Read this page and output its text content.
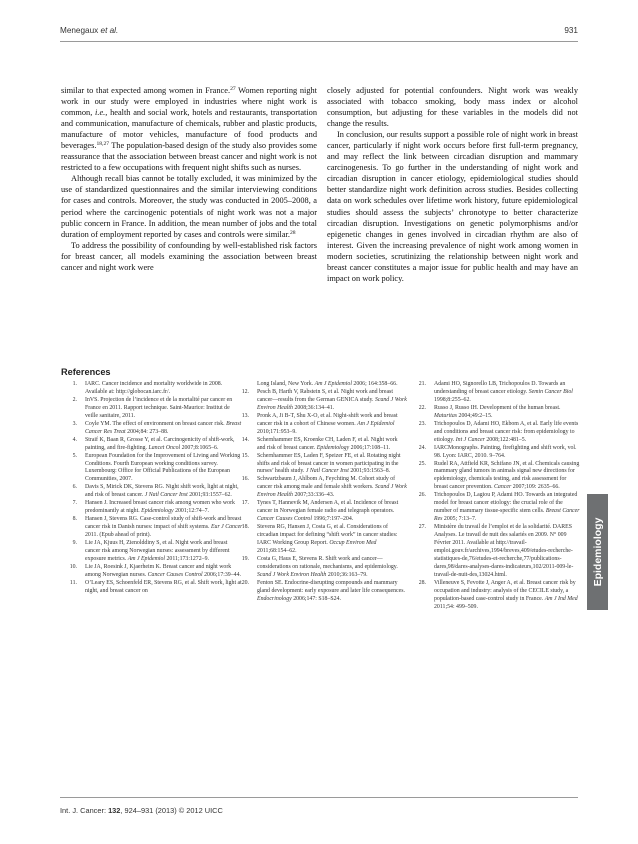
Menegaux et al.	931

similar to that expected among women in France.$^{27}$ Women reporting night work in our study were employed in industries where night work is common, i.e., health and social work, hotels and restaurants, transportation and communication, manufacture of chemicals, rubber and plastic products, manufacture of motor vehicles, manufacture of food products and beverages.$^{18,27}$ The population-based design of the study also provides some reassurance that the association between breast cancer and night work is not restricted to a few occupations with frequent night shifts such as nurses.

Although recall bias cannot be totally excluded, it was minimized by the use of standardized questionnaires and the similar interviewing conditions for cases and controls. Moreover, the study was conducted in 2005–2008, a period where the carcinogenic potentials of night work was not a major public concern in France. In addition, the mean number of jobs and the total duration of employment reported by cases and controls were similar.$^{28}$

To address the possibility of confounding by well-established risk factors for breast cancer, all models examining the association between breast cancer and night work were

closely adjusted for potential confounders. Night work was weakly associated with tobacco smoking, body mass index or alcohol consumption, but adjusting for these variables in the models did not change the results.

In conclusion, our results support a possible role of night work in breast cancer, particularly if night work occurs before first full-term pregnancy, and may reflect the link between circadian disruption and mammary carcinogenesis. To go further in the understanding of night work and circadian disruption in cancer etiology, epidemiological studies should better standardize night work definition across studies. Besides collecting data on work schedules over lifetime work history, future epidemiological studies should assess the subjects’ chronotype to better characterize circadian disruption. Investigations on genetic polymorphisms and/or epigenetic changes in genes involved in circadian rhythm are also of interest. Given the increasing prevalence of night work among women in modern societies, scrutinizing the relationship between night work and breast cancer constitutes a major issue for public health and may have an impact on work policy.

References
1. IARC. Cancer incidence and mortality worldwide in 2008. Available at: http://globocan.iarc.fr/.
2. InVS. Projection de l’incidence et de la mortalité par cancer en France en 2011. Rapport technique. Saint-Maurice: Institut de veille sanitaire, 2011.
3. Coyle YM. The effect of environment on breast cancer risk. Breast Cancer Res Treat 2004;84: 273–88.
4. Straif K, Baan R, Grosse Y, et al. Carcinogenicity of shift-work, painting, and fire-fighting. Lancet Oncol 2007;8:1065–6.
5. European Foundation for the Improvement of Living and Working Conditions. Fourth European working conditions survey. Luxembourg: Office for Official Publications of the European Communities, 2007.
6. Davis S, Mirick DK, Stevens RG. Night shift work, light at night, and risk of breast cancer. J Natl Cancer Inst 2001;93:1557–62.
7. Hansen J. Increased breast cancer risk among women who work predominantly at night. Epidemiology 2001;12:74–7.
8. Hansen J, Stevens RG. Case-control study of shift-work and breast cancer risk in Danish nurses: impact of shift systems. Eur J Cancer 2011. (Epub ahead of print).
9. Lie JA, Kjuus H, Zienolddiny S, et al. Night work and breast cancer risk among Norwegian nurses: assessment by different exposure metrics. Am J Epidemiol 2011;173:1272–9.
10. Lie JA, Roesink J, Kjaerheim K. Breast cancer and night work among Norwegian nurses. Cancer Causes Control 2006;17:39–44.
11. O’Leary ES, Schoenfeld ER, Stevens RG, et al. Shift work, light at night, and breast cancer on
Long Island, New York. Am J Epidemiol 2006; 164:358–66.
12. Pesch B, Harth V, Rabstein S, et al. Night work and breast cancer—results from the German GENICA study. Scand J Work Environ Health 2008;36:134–41.
13. Pronk A, Ji B-T, Shu X-O, et al. Night-shift work and breast cancer risk in a cohort of Chinese women. Am J Epidemiol 2010;171:953–9.
14. Schernhammer ES, Kroenke CH, Laden F, et al. Night work and risk of breast cancer. Epidemiology 2006;17:108–11.
15. Schernhammer ES, Laden F, Speizer FE, et al. Rotating night shifts and risk of breast cancer in women participating in the nurses’ health study. J Natl Cancer Inst 2001;93:1563–8.
16. Schwartzbaum J, Ahlbom A, Feychting M. Cohort study of cancer risk among male and female shift workers. Scand J Work Environ Health 2007;33:336–43.
17. Tynes T, Hannevik M, Andersen A, et al. Incidence of breast cancer in Norwegian female radio and telegraph operators. Cancer Causes Control 1996;7:197–204.
18. Stevens RG, Hansen J, Costa G, et al. Considerations of circadian impact for defining “shift work” in cancer studies: IARC Working Group Report. Occup Environ Med 2011;68:154–62.
19. Costa G, Haus E, Stevens R. Shift work and cancer—considerations on rationale, mechanisms, and epidemiology. Scand J Work Environ Health 2010;36:163–79.
20. Fenton SE. Endocrine-disrupting compounds and mammary gland development: early exposure and later life consequences. Endocrinology 2006;147: S18–S24.
21. Adami HO, Signorello LB, Trichopoulos D. Towards an understanding of breast cancer etiology. Semin Cancer Biol 1998;8:255–62.
22. Russo J, Russo IH. Development of the human breast. Maturitas 2004;49:2–15.
23. Trichopoulos D, Adami HO, Ekbom A, et al. Early life events and conditions and breast cancer risk: from epidemiology to etiology. Int J Cancer 2008;122:481–5.
24. IARCMonographs. Painting, firefighting and shift work, vol. 98. Lyon: IARC, 2010. 9–764.
25. Rudel RA, Attfield KR, Schifano JN, et al. Chemicals causing mammary gland tumors in animals signal new directions for epidemiology, chemicals testing, and risk assessment for breast cancer prevention. Cancer 2007;109: 2635–66.
26. Trichopoulos D, Lagiou P, Adami HO. Towards an integrated model for breast cancer etiology: the crucial role of the number of mammary tissue-specific stem cells. Breast Cancer Res 2005; 7:13–7.
27. Ministère du travail de l’emploi et de la solidarité. DARES Analyses. Le travail de nuit des salariés en 2009. N° 009 Février 2011. Available at http://travail-emploi.gouv.fr/archives,1994/breves,409/etudes-recherche-statistiques-de,76/etudes-et-recherche,77/publications-dares,98/dares-analyses-dares-indicateurs,102/2011-009-le-travail-de-nuit-des,13024.html.
28. Villeneuve S, Fevotte J, Anger A, et al. Breast cancer risk by occupation and industry: analysis of the CECILE study, a population-based case-control study in France. Am J Ind Med 2011;54: 499–509.
Epidemiology
Int. J. Cancer: 132, 924–931 (2013) © 2012 UICC
